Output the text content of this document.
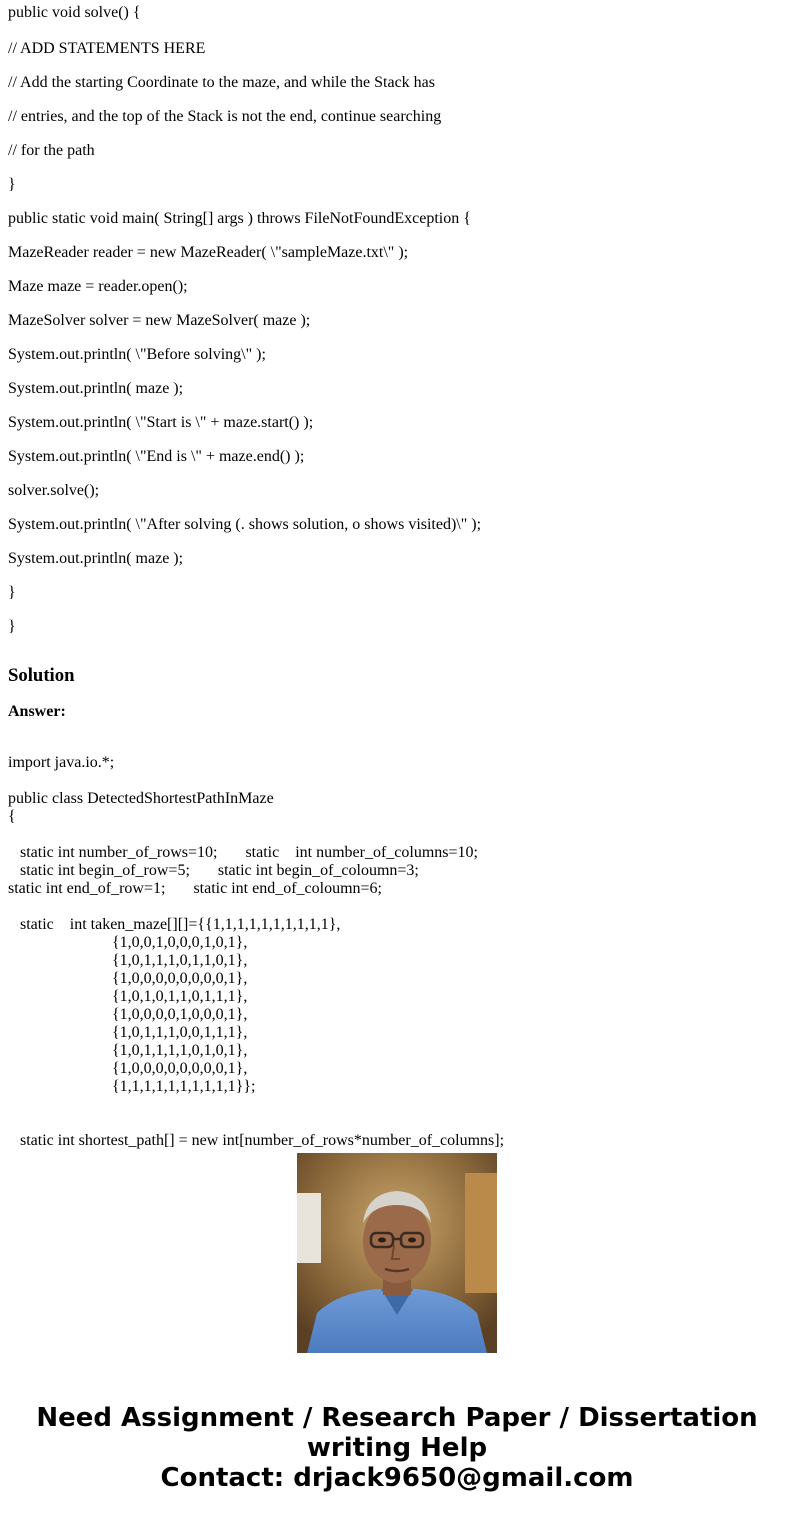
public void solve() {

// ADD STATEMENTS HERE

// Add the starting Coordinate to the maze, and while the Stack has

// entries, and the top of the Stack is not the end, continue searching

// for the path

}

public static void main( String[] args ) throws FileNotFoundException {

MazeReader reader = new MazeReader( \"sampleMaze.txt\" );

Maze maze = reader.open();

MazeSolver solver = new MazeSolver( maze );

System.out.println( \"Before solving\" );

System.out.println( maze );

System.out.println( \"Start is \" + maze.start() );

System.out.println( \"End is \" + maze.end() );

solver.solve();

System.out.println( \"After solving (. shows solution, o shows visited)\" );

System.out.println( maze );

}

}

Solution

Answer:

import java.io.*;

public class DetectedShortestPathInMaze
{

static int number_of_rows=10;       static    int number_of_columns=10;
static int begin_of_row=5;       static int begin_of_coloumn=3;
static int end_of_row=1;       static int end_of_coloumn=6;

static    int taken_maze[][]={{1,1,1,1,1,1,1,1,1,1},
{1,0,0,1,0,0,0,1,0,1},
{1,0,1,1,1,0,1,1,0,1},
{1,0,0,0,0,0,0,0,0,1},
{1,0,1,0,1,1,0,1,1,1},
{1,0,0,0,0,1,0,0,0,1},
{1,0,1,1,1,0,0,1,1,1},
{1,0,1,1,1,1,0,1,0,1},
{1,0,0,0,0,0,0,0,0,1},
{1,1,1,1,1,1,1,1,1,1}};

static int shortest_path[] = new int[number_of_rows*number_of_columns];
Need Assignment / Research Paper / Dissertation
writing Help
Contact: drjack9650@gmail.com
